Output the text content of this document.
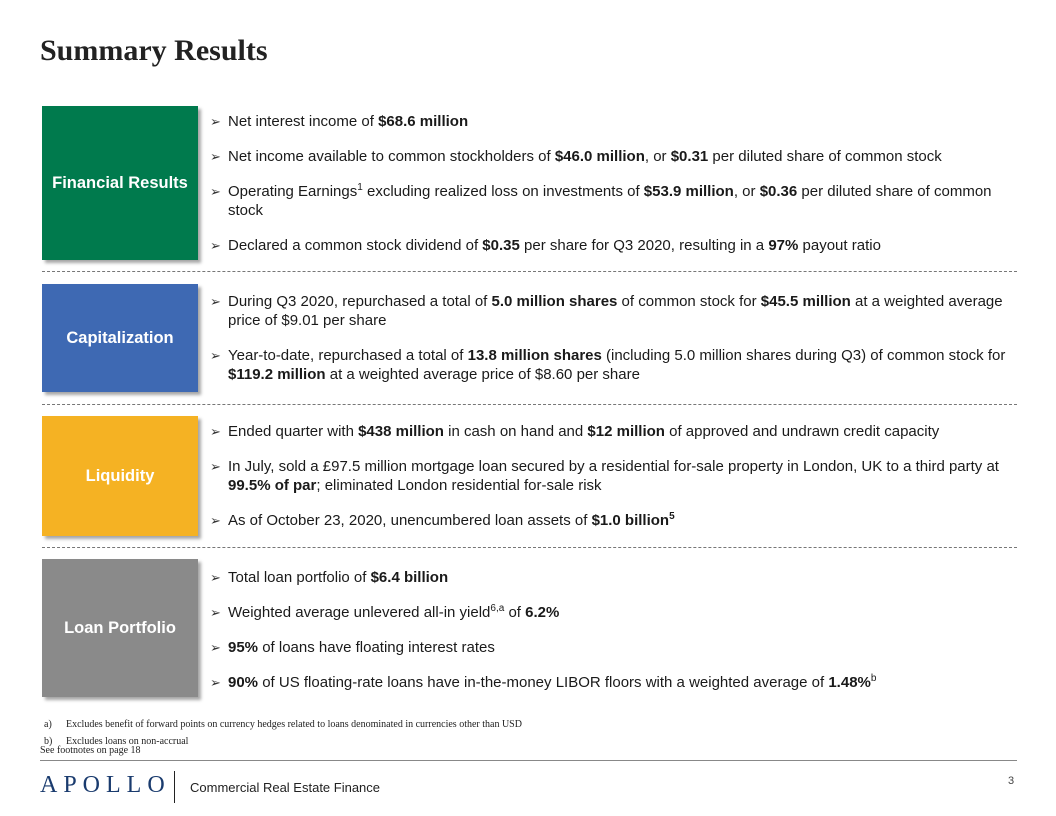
Summary Results
Financial Results
➢ Net interest income of $68.6 million
➢ Net income available to common stockholders of $46.0 million, or $0.31 per diluted share of common stock
➢ Operating Earnings$^1$ excluding realized loss on investments of $53.9 million, or $0.36 per diluted share of common stock
➢ Declared a common stock dividend of $0.35 per share for Q3 2020, resulting in a 97% payout ratio
Capitalization
➢ During Q3 2020, repurchased a total of 5.0 million shares of common stock for $45.5 million at a weighted average price of $9.01 per share
➢ Year-to-date, repurchased a total of 13.8 million shares (including 5.0 million shares during Q3) of common stock for $119.2 million at a weighted average price of $8.60 per share
Liquidity
➢ Ended quarter with $438 million in cash on hand and $12 million of approved and undrawn credit capacity
➢ In July, sold a £97.5 million mortgage loan secured by a residential for-sale property in London, UK to a third party at 99.5% of par; eliminated London residential for-sale risk
➢ As of October 23, 2020, unencumbered loan assets of $1.0 billion$^5$
Loan Portfolio
➢ Total loan portfolio of $6.4 billion
➢ Weighted average unlevered all-in yield$^{6,a}$ of 6.2%
➢ 95% of loans have floating interest rates
➢ 90% of US floating-rate loans have in-the-money LIBOR floors with a weighted average of 1.48%$^b$
a)	Excludes benefit of forward points on currency hedges related to loans denominated in currencies other than USD
b)	Excludes loans on non-accrual
See footnotes on page 18
APOLLO Commercial Real Estate Finance	3
